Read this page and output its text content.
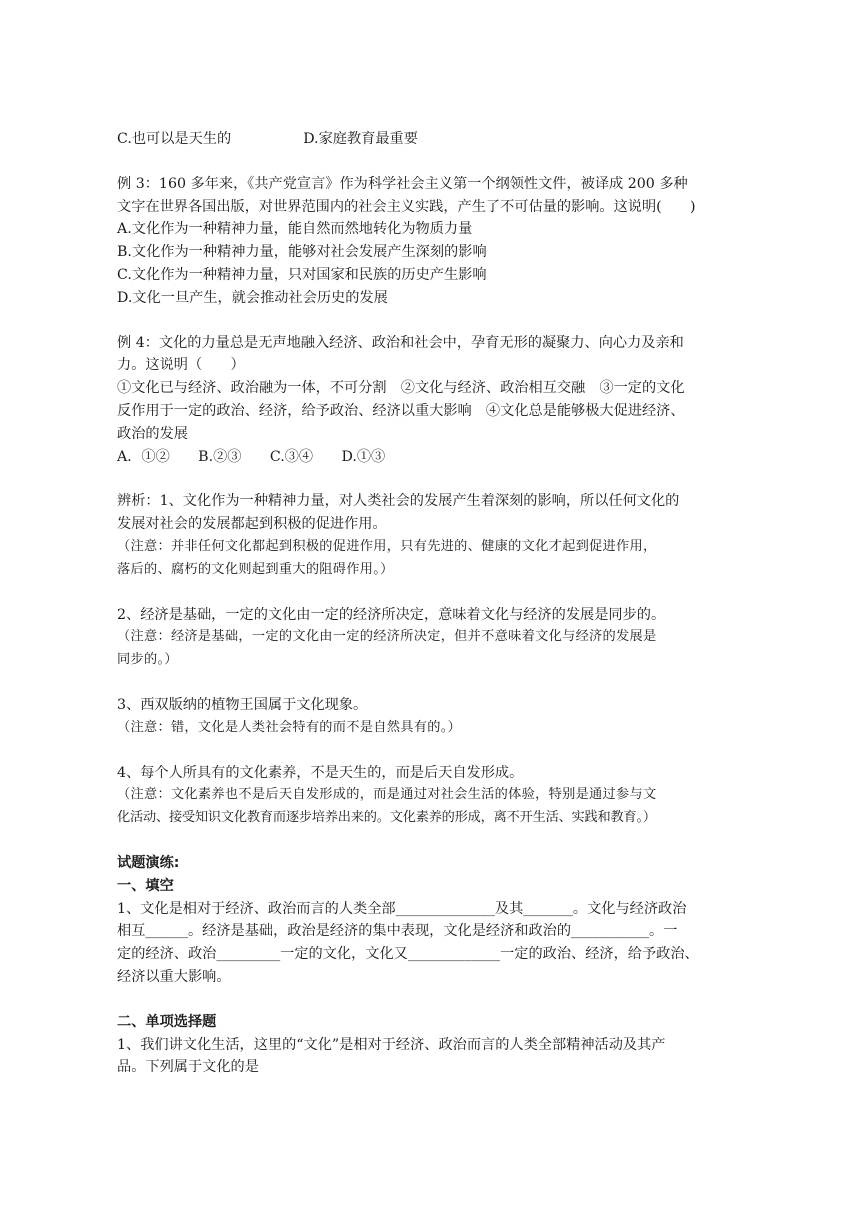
C.也可以是天生的	D.家庭教育最重要
例 3：160 多年来，《共产党宣言》作为科学社会主义第一个纲领性文件，被译成 200 多种
文字在世界各国出版，对世界范围内的社会主义实践，产生了不可估量的影响。这说明(　　)
A.文化作为一种精神力量，能自然而然地转化为物质力量
B.文化作为一种精神力量，能够对社会发展产生深刻的影响
C.文化作为一种精神力量，只对国家和民族的历史产生影响
D.文化一旦产生，就会推动社会历史的发展
例 4：文化的力量总是无声地融入经济、政治和社会中，孕育无形的凝聚力、向心力及亲和
力。这说明（　　）
①文化已与经济、政治融为一体，不可分割　②文化与经济、政治相互交融　③一定的文化
反作用于一定的政治、经济，给予政治、经济以重大影响　④文化总是能够极大促进经济、
政治的发展
A．①②　　B.②③　　C.③④　　D.①③
辨析：1、文化作为一种精神力量，对人类社会的发展产生着深刻的影响，所以任何文化的
发展对社会的发展都起到积极的促进作用。
（注意：并非任何文化都起到积极的促进作用，只有先进的、健康的文化才起到促进作用，
落后的、腐朽的文化则起到重大的阻碍作用。）
2、经济是基础，一定的文化由一定的经济所决定，意味着文化与经济的发展是同步的。
（注意：经济是基础，一定的文化由一定的经济所决定，但并不意味着文化与经济的发展是
同步的。）
3、西双版纳的植物王国属于文化现象。
（注意：错，文化是人类社会特有的而不是自然具有的。）
4、每个人所具有的文化素养，不是天生的，而是后天自发形成。
（注意：文化素养也不是后天自发形成的，而是通过对社会生活的体验，特别是通过参与文
化活动、接受知识文化教育而逐步培养出来的。文化素养的形成，离不开生活、实践和教育。）
试题演练:
一、填空
1、文化是相对于经济、政治而言的人类全部______________及其_______。文化与经济政治
相互______。经济是基础，政治是经济的集中表现，文化是经济和政治的___________。一
定的经济、政治_________一定的文化，文化又_____________一定的政治、经济，给予政治、
经济以重大影响。
二、单项选择题
1、我们讲文化生活，这里的“文化”是相对于经济、政治而言的人类全部精神活动及其产
品。下列属于文化的是
